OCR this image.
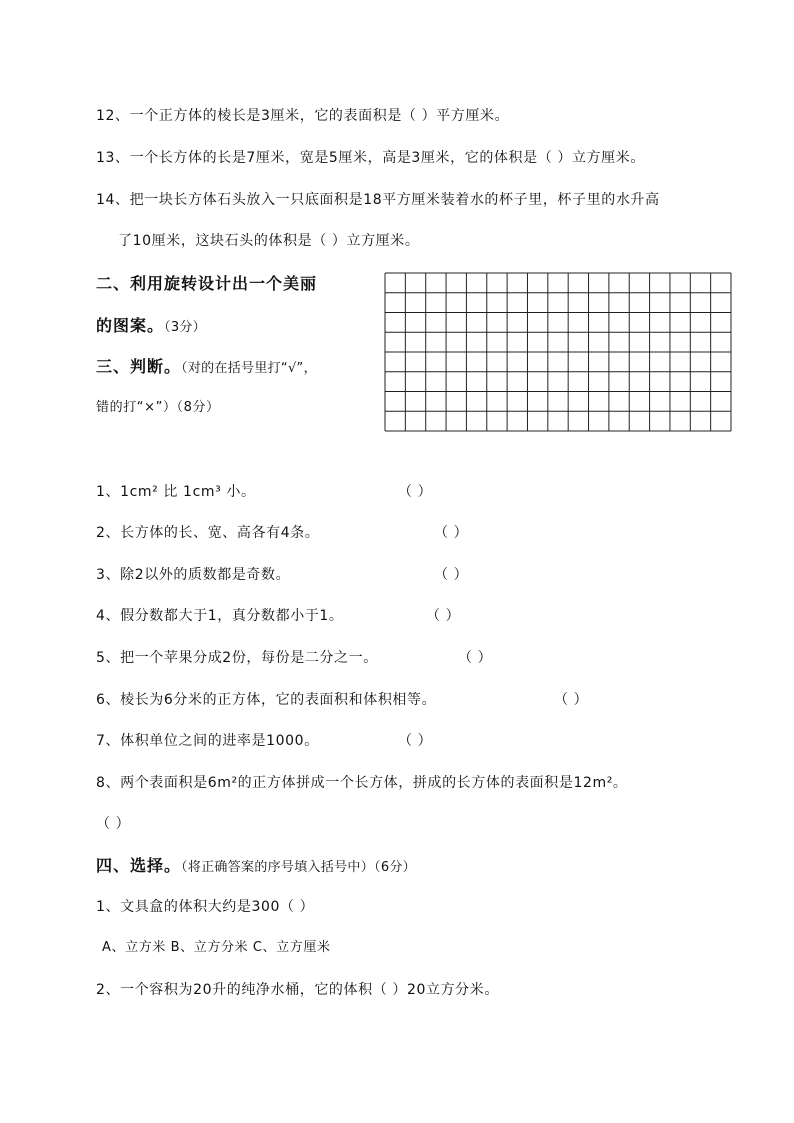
12、一个正方体的棱长是3厘米，它的表面积是（ ）平方厘米。
13、一个长方体的长是7厘米，宽是5厘米，高是3厘米，它的体积是（ ）立方厘米。
14、把一块长方体石头放入一只底面积是18平方厘米装着水的杯子里，杯子里的水升高
了10厘米，这块石头的体积是（ ）立方厘米。
二、利用旋转设计出一个美丽
的图案。（3分）
三、判断。（对的在括号里打“√”，
错的打“×”）（8分）
1、1cm² 比 1cm³ 小。	（ ）
2、长方体的长、宽、高各有4条。	（ ）
3、除2以外的质数都是奇数。	（ ）
4、假分数都大于1，真分数都小于1。	（ ）
5、把一个苹果分成2份，每份是二分之一。	（ ）
6、棱长为6分米的正方体，它的表面积和体积相等。	（ ）
7、体积单位之间的进率是1000。	（ ）
8、两个表面积是6m²的正方体拼成一个长方体，拼成的长方体的表面积是12m²。
（ ）
四、选择。（将正确答案的序号填入括号中）（6分）
1、文具盒的体积大约是300（ ）
A、立方米 B、立方分米 C、立方厘米
2、一个容积为20升的纯净水桶，它的体积（ ）20立方分米。
